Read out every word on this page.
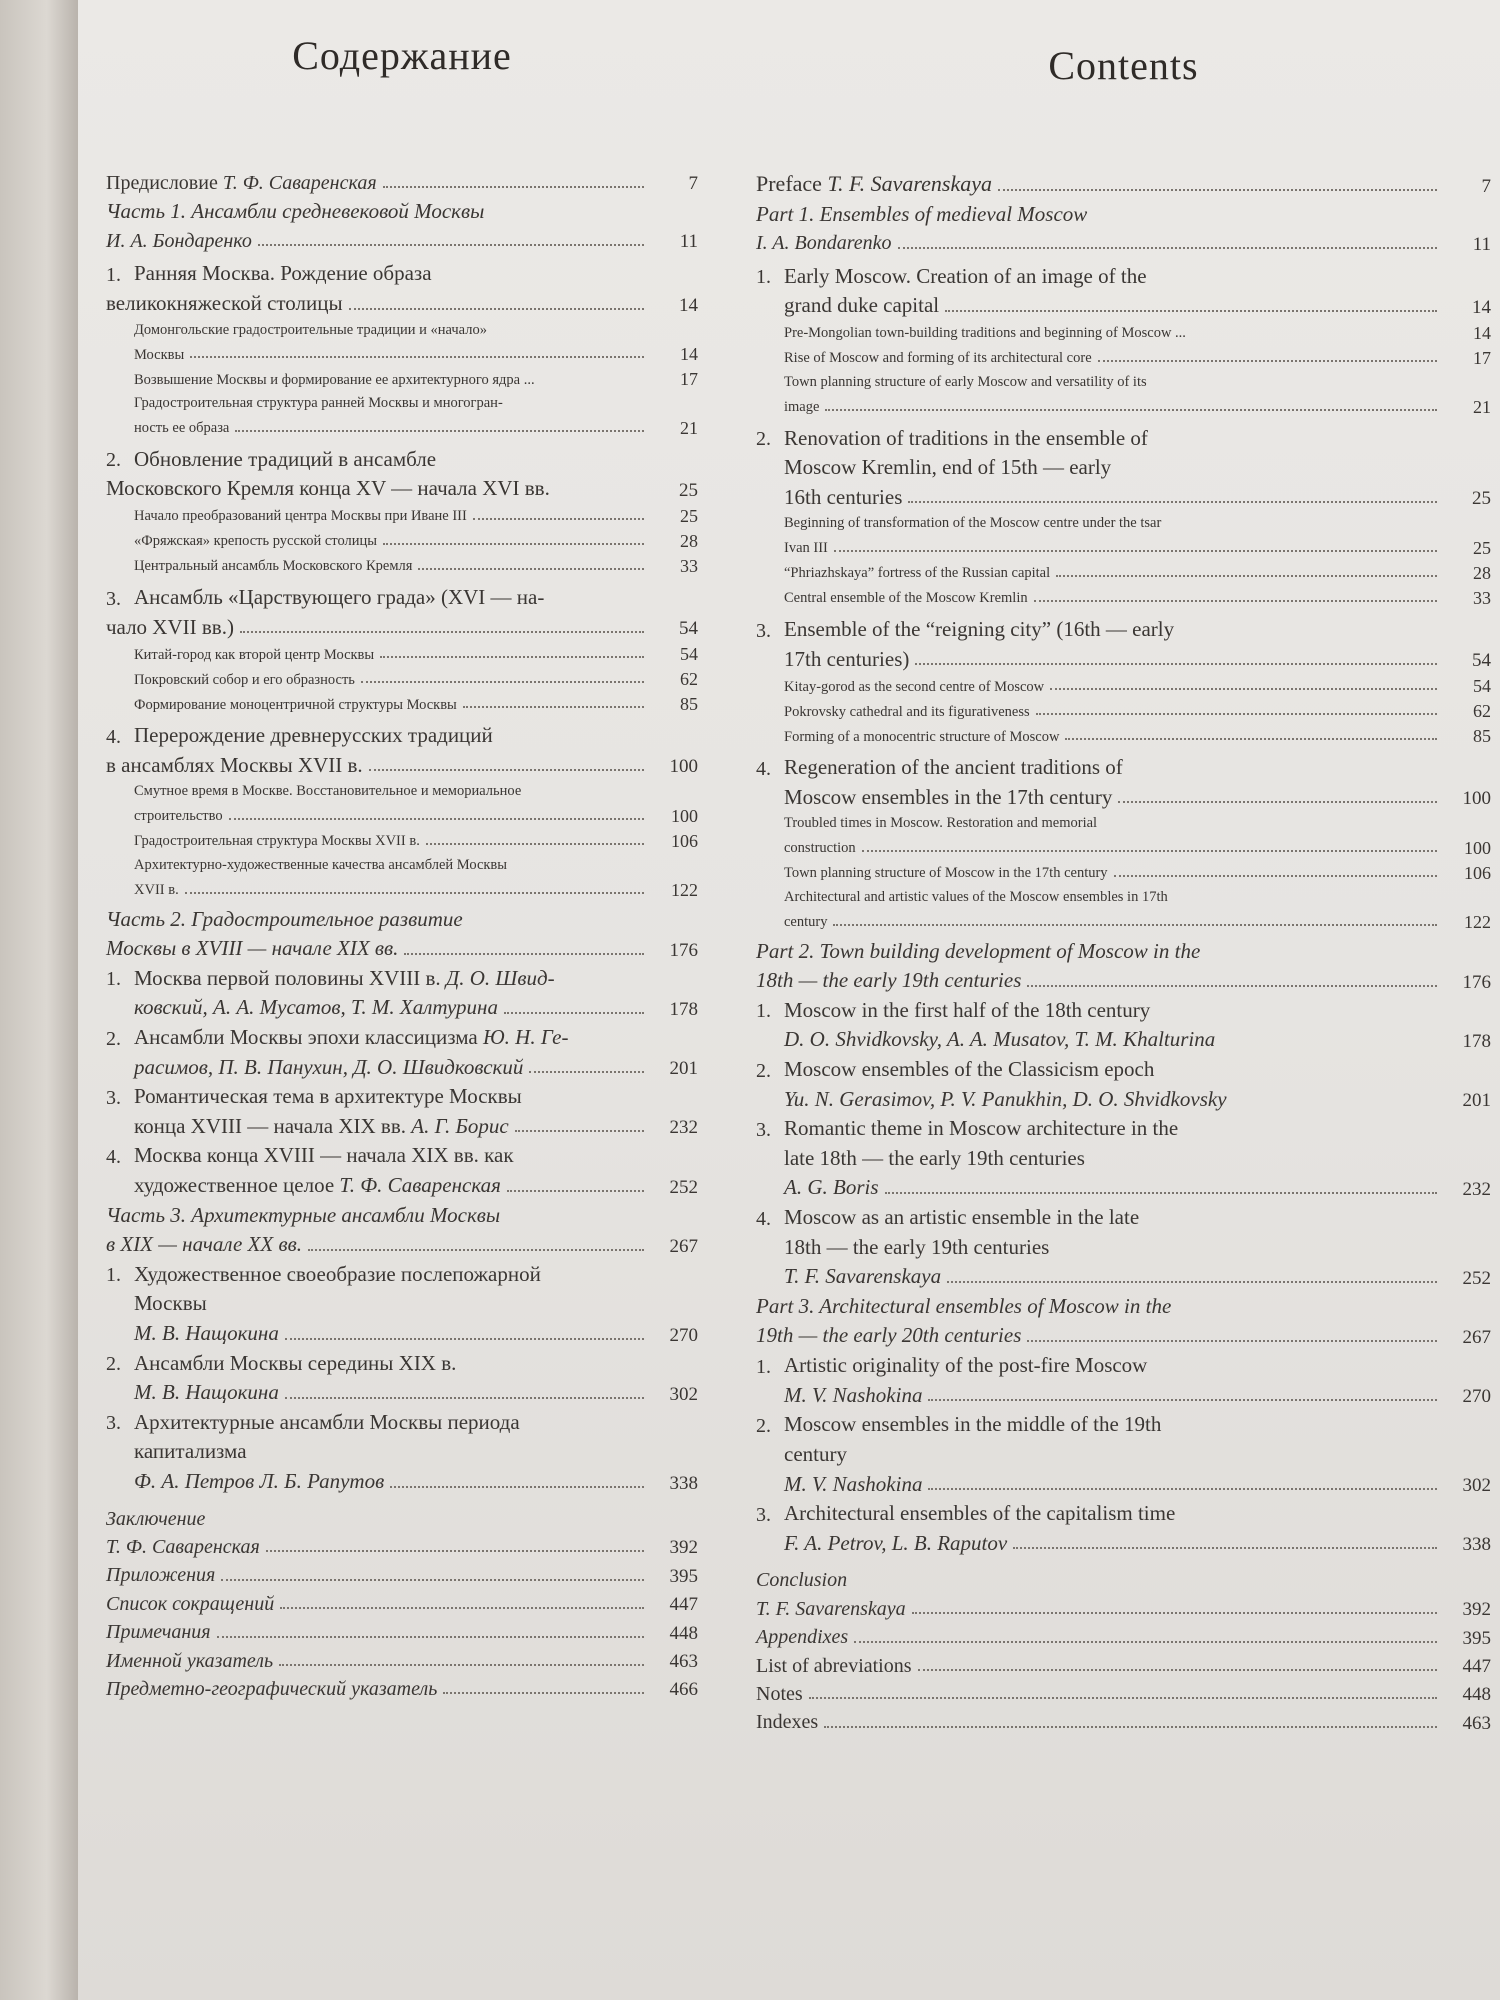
Содержание
Предисловие Т. Ф. Саваренская	7
Часть 1. Ансамбли средневековой Москвы
И. А. Бондаренко	11
1. Ранняя Москва. Рождение образа
великокняжеской столицы	14
Домонгольские градостроительные традиции и «начало»
Москвы	14
Возвышение Москвы и формирование ее архитектурного ядра ...	17
Градостроительная структура ранней Москвы и многогран-
ность ее образа	21
2. Обновление традиций в ансамбле
Московского Кремля конца XV — начала XVI вв.	25
Начало преобразований центра Москвы при Иване III	25
«Фряжская» крепость русской столицы	28
Центральный ансамбль Московского Кремля	33
3. Ансамбль «Царствующего града» (XVI — на-
чало XVII вв.)	54
Китай-город как второй центр Москвы	54
Покровский собор и его образность	62
Формирование моноцентричной структуры Москвы	85
4. Перерождение древнерусских традиций
в ансамблях Москвы XVII в.	100
Смутное время в Москве. Восстановительное и мемориальное
строительство	100
Градостроительная структура Москвы XVII в.	106
Архитектурно-художественные качества ансамблей Москвы
XVII в.	122
Часть 2. Градостроительное развитие
Москвы в XVIII — начале XIX вв.	176
1. Москва первой половины XVIII в. Д. О. Швид-
ковский, А. А. Мусатов, Т. М. Халтурина	178
2. Ансамбли Москвы эпохи классицизма Ю. Н. Ге-
расимов, П. В. Панухин, Д. О. Швидковский	201
3. Романтическая тема в архитектуре Москвы
конца XVIII — начала XIX вв. А. Г. Борис	232
4. Москва конца XVIII — начала XIX вв. как
художественное целое Т. Ф. Саваренская	252
Часть 3. Архитектурные ансамбли Москвы
в XIX — начале XX вв.	267
1. Художественное своеобразие послепожарной
Москвы
М. В. Нащокина	270
2. Ансамбли Москвы середины XIX в.
М. В. Нащокина	302
3. Архитектурные ансамбли Москвы периода
капитализма
Ф. А. Петров Л. Б. Рапутов	338
Заключение
Т. Ф. Саваренская	392
Приложения	395
Список сокращений	447
Примечания	448
Именной указатель	463
Предметно-географический указатель	466
Contents
Preface T. F. Savarenskaya	7
Part 1. Ensembles of medieval Moscow
I. A. Bondarenko	11
1. Early Moscow. Creation of an image of the
grand duke capital	14
Pre-Mongolian town-building traditions and beginning of Moscow ...	14
Rise of Moscow and forming of its architectural core	17
Town planning structure of early Moscow and versatility of its
image	21
2. Renovation of traditions in the ensemble of
Moscow Kremlin, end of 15th — early
16th centuries	25
Beginning of transformation of the Moscow centre under the tsar
Ivan III	25
“Phriazhskaya” fortress of the Russian capital	28
Central ensemble of the Moscow Kremlin	33
3. Ensemble of the “reigning city” (16th — early
17th centuries)	54
Kitay-gorod as the second centre of Moscow	54
Pokrovsky cathedral and its figurativeness	62
Forming of a monocentric structure of Moscow	85
4. Regeneration of the ancient traditions of
Moscow ensembles in the 17th century	100
Troubled times in Moscow. Restoration and memorial
construction	100
Town planning structure of Moscow in the 17th century	106
Architectural and artistic values of the Moscow ensembles in 17th
century	122
Part 2. Town building development of Moscow in the
18th — the early 19th centuries	176
1. Moscow in the first half of the 18th century
D. O. Shvidkovsky, A. A. Musatov, T. M. Khalturina	178
2. Moscow ensembles of the Classicism epoch
Yu. N. Gerasimov, P. V. Panukhin, D. O. Shvidkovsky	201
3. Romantic theme in Moscow architecture in the
late 18th — the early 19th centuries
A. G. Boris	232
4. Moscow as an artistic ensemble in the late
18th — the early 19th centuries
T. F. Savarenskaya	252
Part 3. Architectural ensembles of Moscow in the
19th — the early 20th centuries	267
1. Artistic originality of the post-fire Moscow
M. V. Nashokina	270
2. Moscow ensembles in the middle of the 19th
century
M. V. Nashokina	302
3. Architectural ensembles of the capitalism time
F. A. Petrov, L. B. Raputov	338
Conclusion
T. F. Savarenskaya	392
Appendixes	395
List of abreviations	447
Notes	448
Indexes	463
